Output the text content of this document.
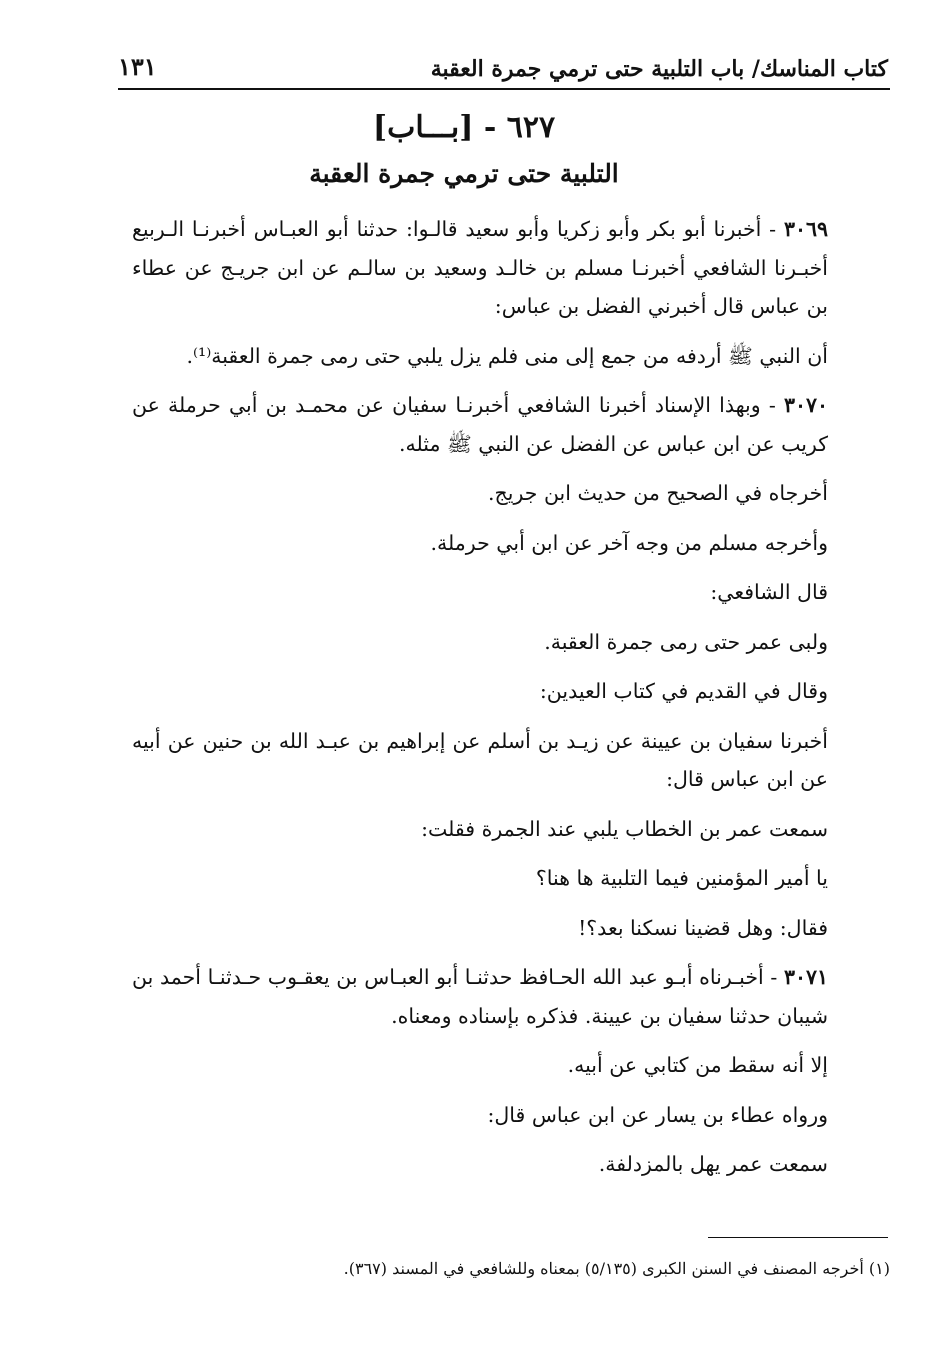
كتاب المناسك/ باب التلبية حتى ترمي جمرة العقبة
١٣١
٦٢٧ - [بـــاب]
التلبية حتى ترمي جمرة العقبة

٣٠٦٩ - أخبرنا أبو بكر وأبو زكريا وأبو سعيد قالـوا: حدثنا أبو العبـاس أخبرنـا الـربيع أخبـرنا الشافعي أخبرنـا مسلم بن خالـد وسعيد بن سالـم عن ابن جريـج عن عطاء بن عباس قال أخبرني الفضل بن عباس:

أن النبي ﷺ أردفه من جمع إلى منى فلم يزل يلبي حتى رمى جمرة العقبة⁽¹⁾.

٣٠٧٠ - وبهذا الإسناد أخبرنا الشافعي أخبرنـا سفيان عن محمـد بن أبي حرملة عن كريب عن ابن عباس عن الفضل عن النبي ﷺ مثله.

أخرجاه في الصحيح من حديث ابن جريج.

وأخرجه مسلم من وجه آخر عن ابن أبي حرملة.

قال الشافعي:

ولبى عمر حتى رمى جمرة العقبة.

وقال في القديم في كتاب العيدين:

أخبرنا سفيان بن عيينة عن زيـد بن أسلم عن إبراهيم بن عبـد الله بن حنين عن أبيه عن ابن عباس قال:

سمعت عمر بن الخطاب يلبي عند الجمرة فقلت:

يا أمير المؤمنين فيما التلبية ها هنا؟

فقال: وهل قضينا نسكنا بعد؟!

٣٠٧١ - أخبـرناه أبـو عبد الله الحـافظ حدثنـا أبو العبـاس بن يعقـوب حـدثنـا أحمد بن شيبان حدثنا سفيان بن عيينة. فذكره بإسناده ومعناه.

إلا أنه سقط من كتابي عن أبيه.

ورواه عطاء بن يسار عن ابن عباس قال:

سمعت عمر يهل بالمزدلفة.

(١) أخرجه المصنف في السنن الكبرى (٥/١٣٥) بمعناه وللشافعي في المسند (٣٦٧).
